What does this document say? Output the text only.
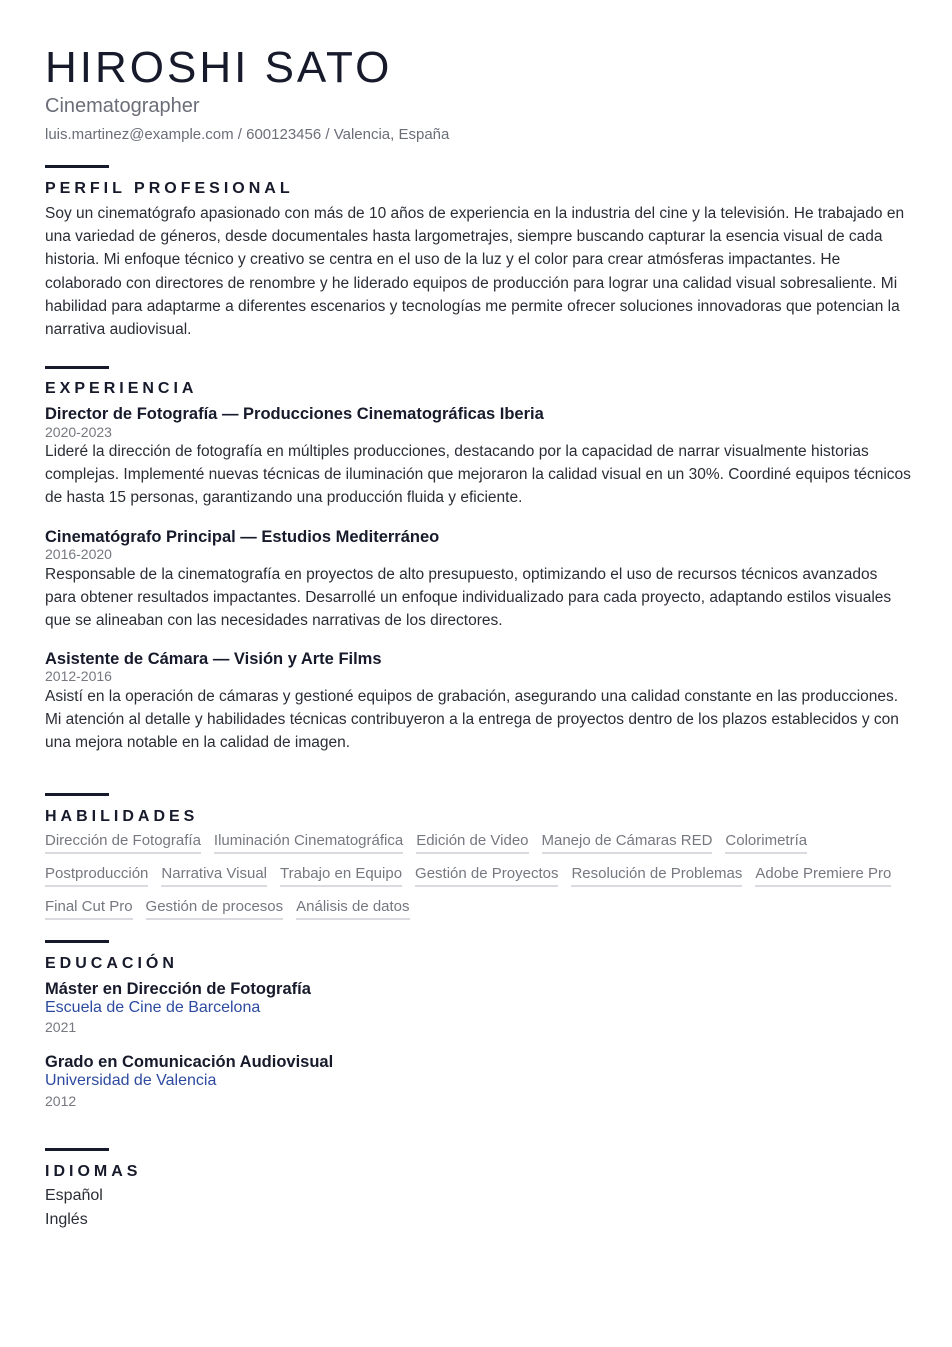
HIROSHI SATO
Cinematographer
luis.martinez@example.com / 600123456 / Valencia, España
PERFIL PROFESIONAL
Soy un cinematógrafo apasionado con más de 10 años de experiencia en la industria del cine y la televisión. He trabajado en una variedad de géneros, desde documentales hasta largometrajes, siempre buscando capturar la esencia visual de cada historia. Mi enfoque técnico y creativo se centra en el uso de la luz y el color para crear atmósferas impactantes. He colaborado con directores de renombre y he liderado equipos de producción para lograr una calidad visual sobresaliente. Mi habilidad para adaptarme a diferentes escenarios y tecnologías me permite ofrecer soluciones innovadoras que potencian la narrativa audiovisual.
EXPERIENCIA
Director de Fotografía — Producciones Cinematográficas Iberia
2020-2023
Lideré la dirección de fotografía en múltiples producciones, destacando por la capacidad de narrar visualmente historias complejas. Implementé nuevas técnicas de iluminación que mejoraron la calidad visual en un 30%. Coordiné equipos técnicos de hasta 15 personas, garantizando una producción fluida y eficiente.
Cinematógrafo Principal — Estudios Mediterráneo
2016-2020
Responsable de la cinematografía en proyectos de alto presupuesto, optimizando el uso de recursos técnicos avanzados para obtener resultados impactantes. Desarrollé un enfoque individualizado para cada proyecto, adaptando estilos visuales que se alineaban con las necesidades narrativas de los directores.
Asistente de Cámara — Visión y Arte Films
2012-2016
Asistí en la operación de cámaras y gestioné equipos de grabación, asegurando una calidad constante en las producciones. Mi atención al detalle y habilidades técnicas contribuyeron a la entrega de proyectos dentro de los plazos establecidos y con una mejora notable en la calidad de imagen.
HABILIDADES
Dirección de Fotografía Iluminación Cinematográfica Edición de Video Manejo de Cámaras RED Colorimetría
Postproducción Narrativa Visual Trabajo en Equipo Gestión de Proyectos Resolución de Problemas Adobe Premiere Pro
Final Cut Pro Gestión de procesos Análisis de datos
EDUCACIÓN
Máster en Dirección de Fotografía
Escuela de Cine de Barcelona
2021
Grado en Comunicación Audiovisual
Universidad de Valencia
2012
IDIOMAS
Español
Inglés
